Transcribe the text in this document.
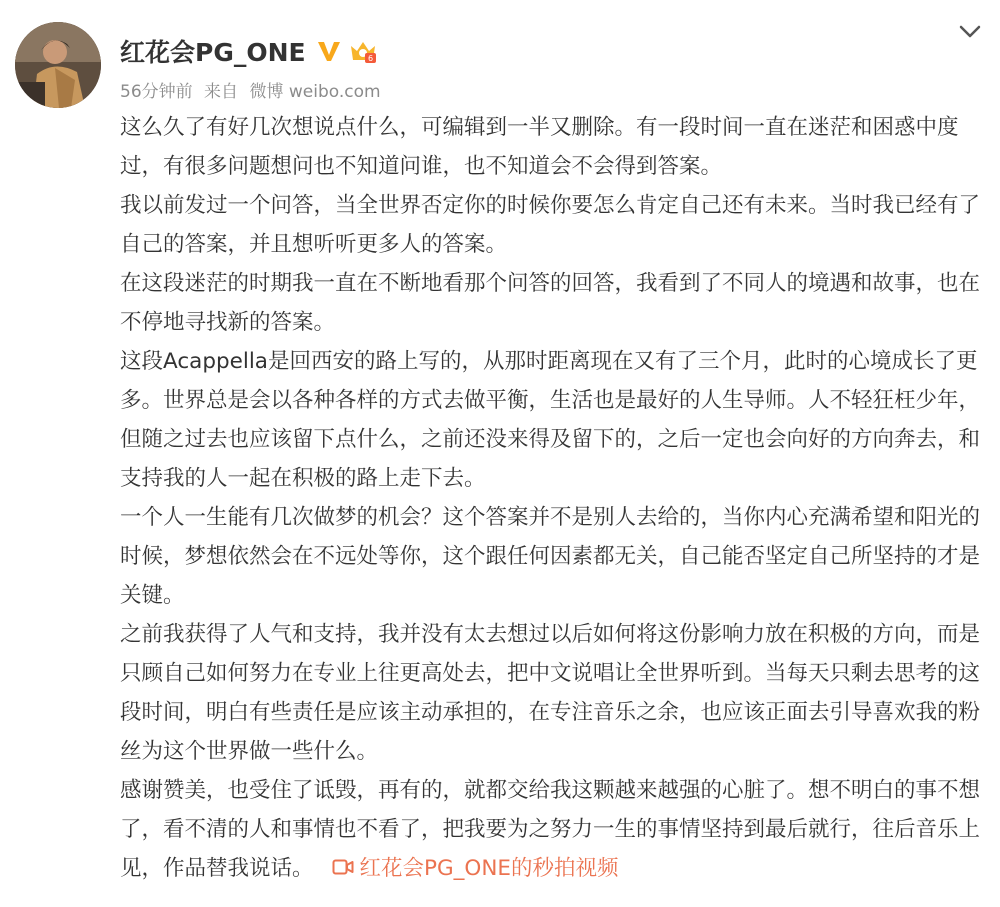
红花会PG_ONE	6
56分钟前 来自 微博 weibo.com

这么久了有好几次想说点什么，可编辑到一半又删除。有一段时间一直在迷茫和困惑中度过，有很多问题想问也不知道问谁，也不知道会不会得到答案。

我以前发过一个问答，当全世界否定你的时候你要怎么肯定自己还有未来。当时我已经有了自己的答案，并且想听听更多人的答案。

在这段迷茫的时期我一直在不断地看那个问答的回答，我看到了不同人的境遇和故事，也在不停地寻找新的答案。

这段Acappella是回西安的路上写的，从那时距离现在又有了三个月，此时的心境成长了更多。世界总是会以各种各样的方式去做平衡，生活也是最好的人生导师。人不轻狂枉少年，但随之过去也应该留下点什么，之前还没来得及留下的，之后一定也会向好的方向奔去，和支持我的人一起在积极的路上走下去。

一个人一生能有几次做梦的机会？这个答案并不是别人去给的，当你内心充满希望和阳光的时候，梦想依然会在不远处等你，这个跟任何因素都无关，自己能否坚定自己所坚持的才是关键。

之前我获得了人气和支持，我并没有太去想过以后如何将这份影响力放在积极的方向，而是只顾自己如何努力在专业上往更高处去，把中文说唱让全世界听到。当每天只剩去思考的这段时间，明白有些责任是应该主动承担的，在专注音乐之余，也应该正面去引导喜欢我的粉丝为这个世界做一些什么。

感谢赞美，也受住了诋毁，再有的，就都交给我这颗越来越强的心脏了。想不明白的事不想了，看不清的人和事情也不看了，把我要为之努力一生的事情坚持到最后就行，往后音乐上见，作品替我说话。 红花会PG_ONE的秒拍视频
